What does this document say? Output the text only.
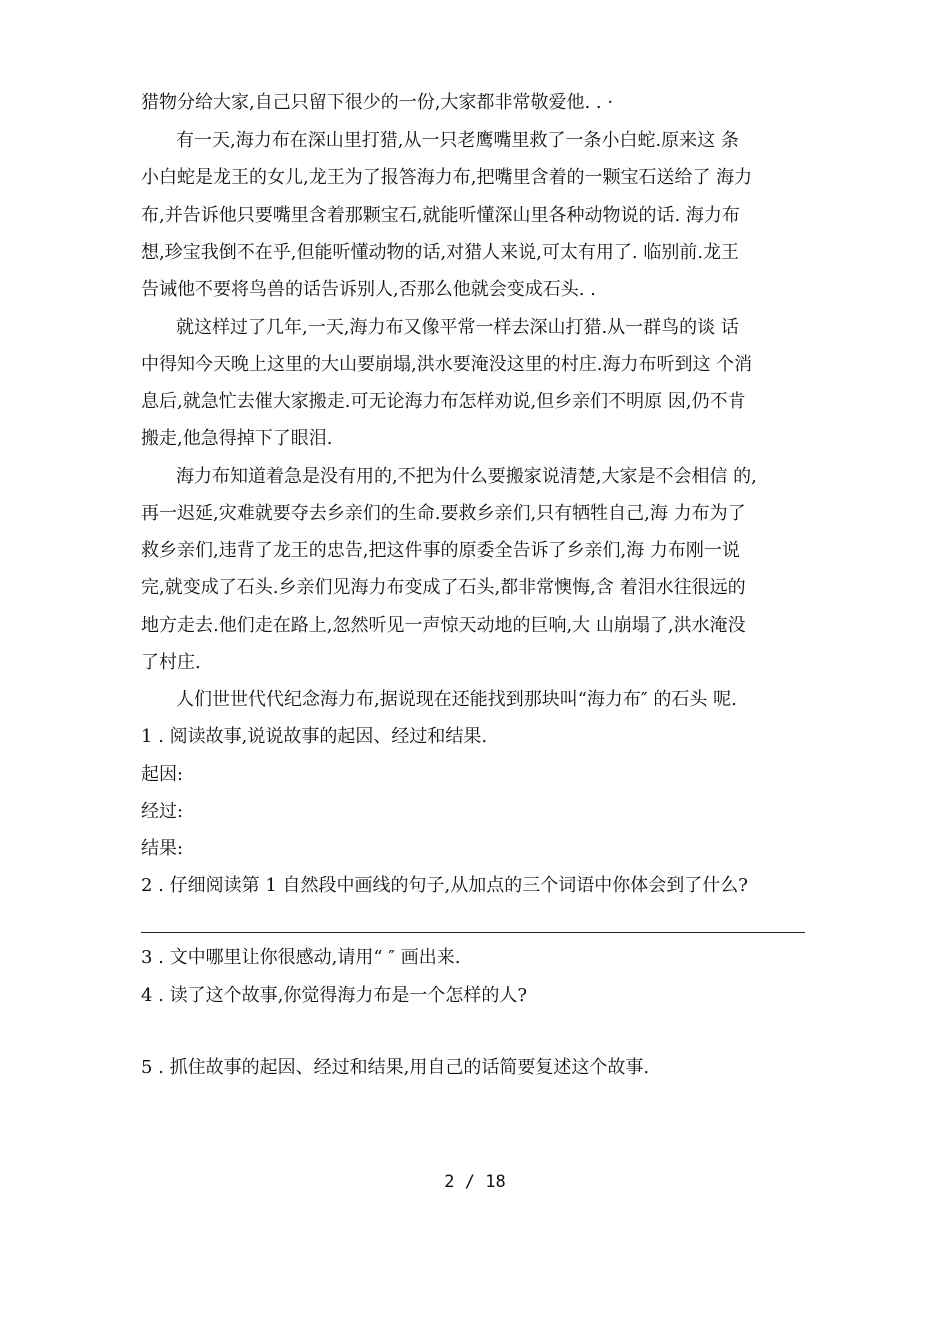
猎物分给大家,自己只留下很少的一份,大家都非常敬爱他. . ·
有一天,海力布在深山里打猎,从一只老鹰嘴里救了一条小白蛇.原来这 条
小白蛇是龙王的女儿,龙王为了报答海力布,把嘴里含着的一颗宝石送给了 海力
布,并告诉他只要嘴里含着那颗宝石,就能听懂深山里各种动物说的话. 海力布
想,珍宝我倒不在乎,但能听懂动物的话,对猎人来说,可太有用了. 临别前.龙王
告诫他不要将鸟兽的话告诉别人,否那么他就会变成石头. .
就这样过了几年,一天,海力布又像平常一样去深山打猎.从一群鸟的谈 话
中得知今天晚上这里的大山要崩塌,洪水要淹没这里的村庄.海力布听到这 个消
息后,就急忙去催大家搬走.可无论海力布怎样劝说,但乡亲们不明原 因,仍不肯
搬走,他急得掉下了眼泪.
海力布知道着急是没有用的,不把为什么要搬家说清楚,大家是不会相信 的,
再一迟延,灾难就要夺去乡亲们的生命.要救乡亲们,只有牺牲自己,海 力布为了
救乡亲们,违背了龙王的忠告,把这件事的原委全告诉了乡亲们,海 力布刚一说
完,就变成了石头.乡亲们见海力布变成了石头,都非常懊悔,含 着泪水往很远的
地方走去.他们走在路上,忽然听见一声惊天动地的巨响,大 山崩塌了,洪水淹没
了村庄.
人们世世代代纪念海力布,据说现在还能找到那块叫“海力布″ 的石头 呢.
1 . 阅读故事,说说故事的起因、经过和结果.
起因:
经过:
结果:
2 . 仔细阅读第 1 自然段中画线的句子,从加点的三个词语中你体会到了什么?
3 . 文中哪里让你很感动,请用“ ″ 画出来.
4 . 读了这个故事,你觉得海力布是一个怎样的人?
5 . 抓住故事的起因、经过和结果,用自己的话简要复述这个故事.
2 / 18
